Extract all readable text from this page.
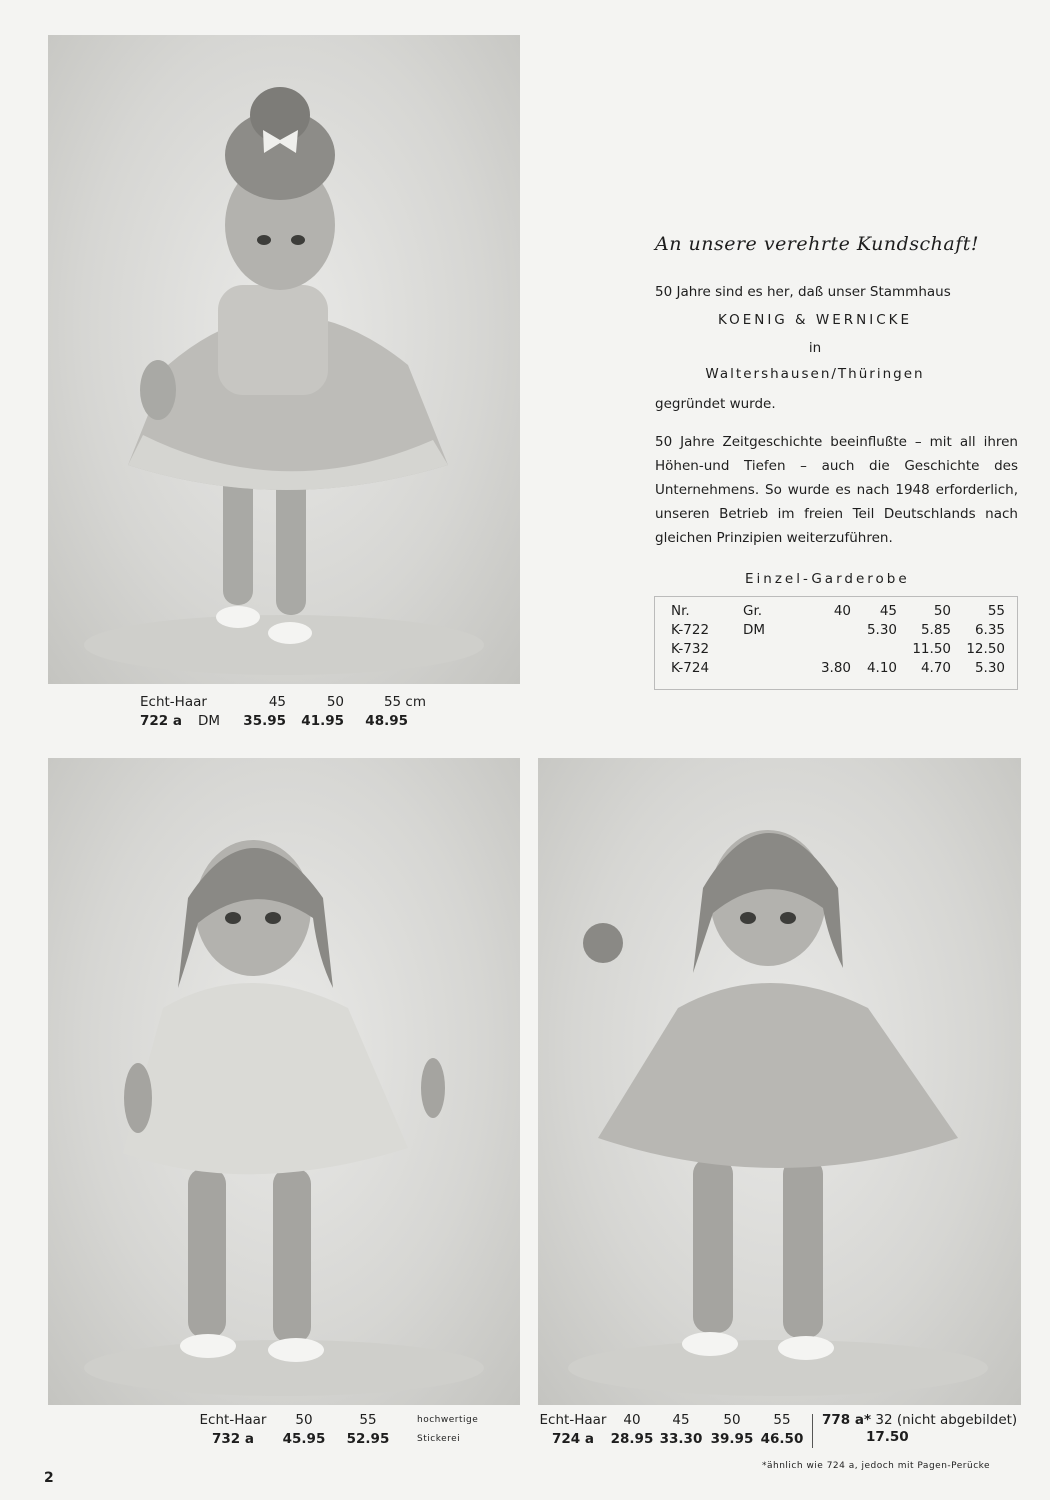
An unsere verehrte Kundschaft!
50 Jahre sind es her, daß unser Stammhaus
KOENIG & WERNICKE
in
Waltershausen/Thüringen
gegründet wurde.
50 Jahre Zeitgeschichte beeinflußte – mit all ihren Höhen-und Tiefen – auch die Geschichte des Unternehmens. So wurde es nach 1948 erforderlich, unseren Betrieb im freien Teil Deutschlands nach gleichen Prinzipien weiterzuführen.
Einzel-Garderobe
Nr.	Gr.	40	45	50	55
K-722	DM		5.30	5.85	6.35
K-732				11.50	12.50
K-724		3.80	4.10	4.70	5.30
Echt-Haar	45	50	55 cm
722 a DM	35.95	41.95	48.95
Echt-Haar	50	55	hochwertige
732 a	45.95	52.95	Stickerei
Echt-Haar	40	45	50	55
724 a	28.95	33.30	39.95	46.50
778 a* 32 (nicht abgebildet)
17.50
*ähnlich wie 724 a, jedoch mit Pagen-Perücke
2
